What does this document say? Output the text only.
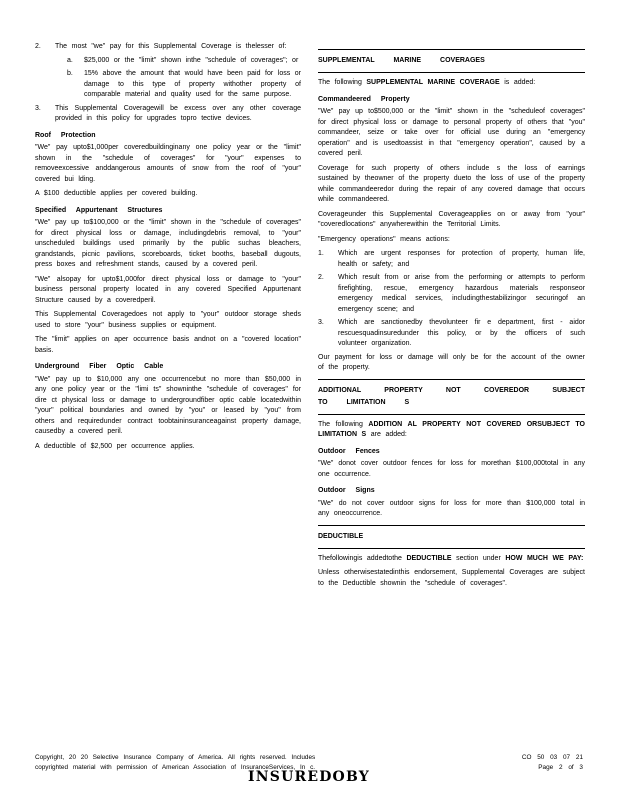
2.	The most "we" pay for this Supplemental Coverage is thelesser of:
a.	$25,000 or the "limit" shown inthe "schedule of coverages"; or
b.	15% above the amount that would have been paid for loss or damage to this type of property withother property of comparable material and quality used for the same purpose.
3.	This Supplemental Coveragewill be excess over any other coverage provided in this policy for upgrades topro tective devices.
Roof Protection

"We" pay upto$1,000per coveredbuildinginany one policy year or the "limit" shown in the "schedule of coverages" for "your" expenses to removeexcessive anddangerous amounts of snow from the roof of "your" covered bui lding.

A $100 deductible applies per covered building.

Specified Appurtenant Structures

"We" pay up to$100,000 or the "limit" shown in the "schedule of coverages" for direct physical loss or damage, includingdebris removal, to "your" unscheduled buildings used primarily by the public suchas bleachers, grandstands, picnic pavilions, scoreboards, ticket booths, baseball dugouts, press boxes and refreshment stands, caused by a covered peril.

"We" alsopay for upto$1,000for direct physical loss or damage to "your" business personal property located in any covered Specified Appurtenant Structure caused by a coveredperil.

This Supplemental Coveragedoes not apply to "your" outdoor storage sheds used to store "your" business supplies or equipment.

The "limit" applies on aper occurrence basis andnot on a "covered location" basis.

Underground Fiber Optic Cable

"We" pay up to $10,000 any one occurrencebut no more than $50,000 in any one policy year or the "limi ts" showninthe "schedule of coverages" for dire ct physical loss or damage to undergroundfiber optic cable locatedwithin "your" political boundaries and owned by "you" or leased by "you" from others and requiredunder contract toobtaininsuranceagainst property damage, causedby a covered peril.

A deductible of $2,500 per occurrence applies.

SUPPLEMENTAL MARINE COVERAGES

The following SUPPLEMENTAL MARINE COVERAGE is added:

Commandeered Property

"We" pay up to$500,000 or the "limit" shown in the "scheduleof coverages" for direct physical loss or damage to personal property of others that "you" commandeer, seize or take over for official use during an "emergency operation" and is usedtoassist in that "emergency operation", caused by a covered peril.

Coverage for such property of others include s the loss of earnings sustained by theowner of the property dueto the loss of use of the property while commandeeredor during the repair of any covered damage that occurs while commandeered.

Coverageunder this Supplemental Coverageapplies on or away from "your" "coveredlocations" anywherewithin the Territorial Limits.

"Emergency operations" means actions:

1.	Which are urgent responses for protection of property, human life, health or safety; and
2.	Which result from or arise from the performing or attempts to perform firefighting, rescue, emergency hazardous materials responseor emergency medical services, includingthestabilizingor securingof an emergency scene; and
3.	Which are sanctionedby thevolunteer fir e department, first - aidor rescuesquadinsuredunder this policy, or by the officers of such volunteer organization.

Our payment for loss or damage will only be for the account of the owner of the property.

ADDITIONAL PROPERTY NOT COVEREDOR SUBJECT TO LIMITATION S

The following ADDITION AL PROPERTY NOT COVERED ORSUBJECT TO LIMITATION S are added:

Outdoor Fences

"We" donot cover outdoor fences for loss for morethan $100,000total in any one occurrence.

Outdoor Signs

"We" do not cover outdoor signs for loss for more than $100,000 total in any oneoccurrence.

DEDUCTIBLE

Thefollowingis addedtothe DEDUCTIBLE section under HOW MUCH WE PAY:

Unless otherwisestatedinthis endorsement, Supplemental Coverages are subject to the Deductible shownin the "schedule of coverages".

Copyright, 20 20 Selective Insurance Company of America. All rights reserved. Includes
copyrighted material with permission of American Association of InsuranceServices, In c.
CO 50 03 07 21
Page 2 of 3
INSUREDOBY
